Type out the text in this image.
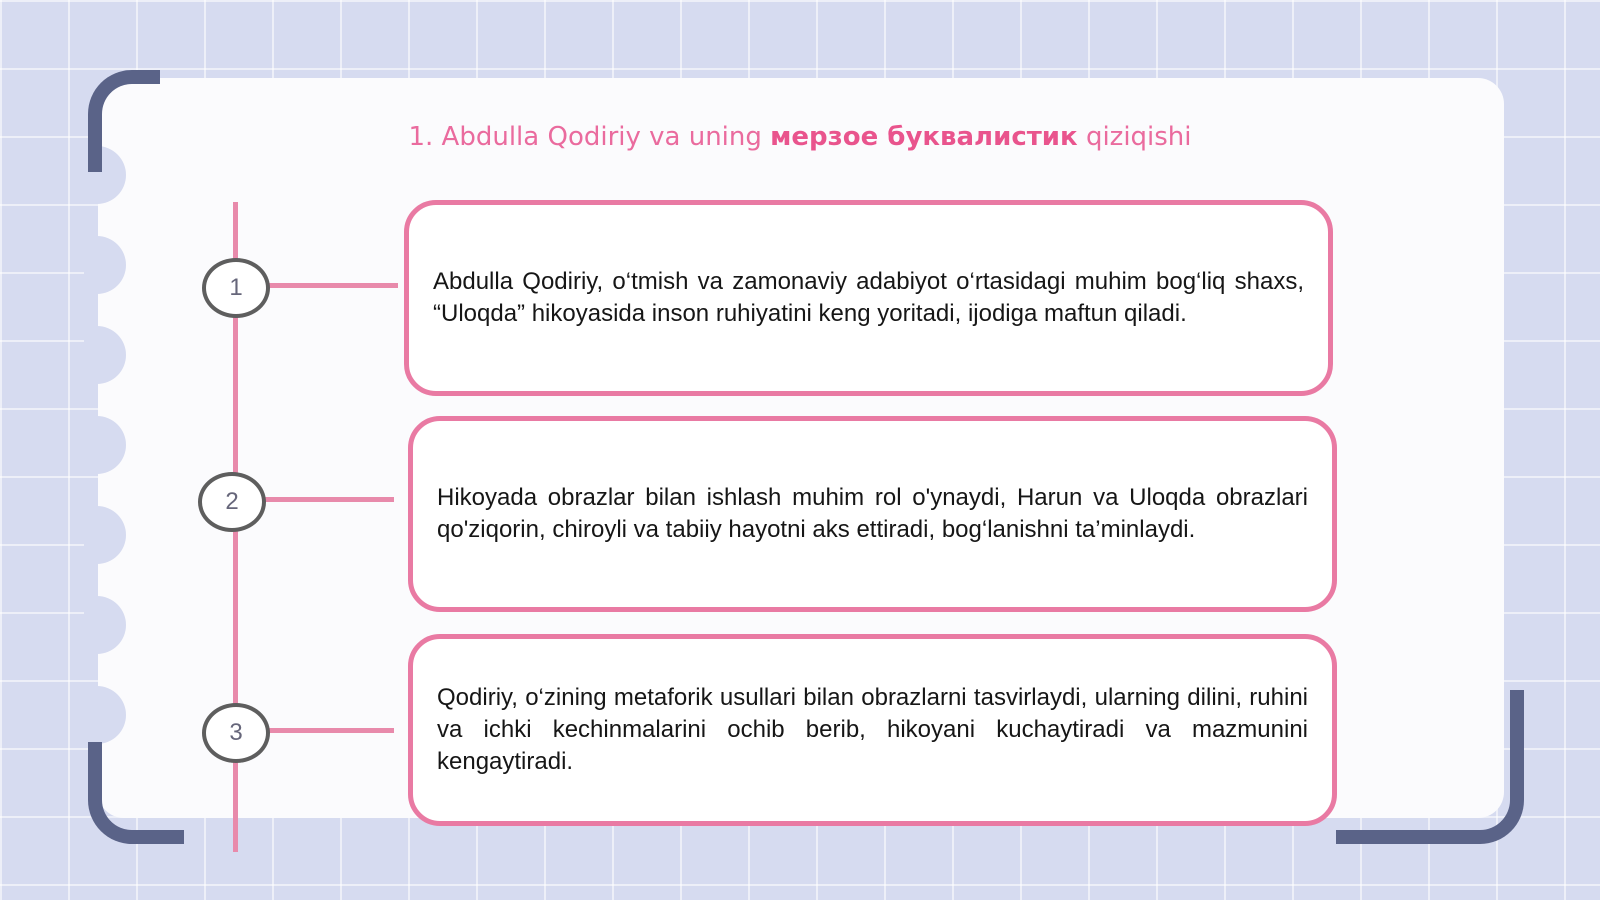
1. Abdulla Qodiriy va uning мерзое буквалистик qiziqishi
1	Abdulla Qodiriy, o‘tmish va zamonaviy adabiyot o‘rtasidagi muhim bog‘liq shaxs, “Uloqda” hikoyasida inson ruhiyatini keng yoritadi, ijodiga maftun qiladi.

2	Hikoyada obrazlar bilan ishlash muhim rol o'ynaydi, Harun va Uloqda obrazlari qo'ziqorin, chiroyli va tabiiy hayotni aks ettiradi, bog‘lanishni ta’minlaydi.

3

Qodiriy, o‘zining metaforik usullari bilan obrazlarni tasvirlaydi, ularning dilini, ruhini va ichki kechinmalarini ochib berib, hikoyani kuchaytiradi va mazmunini kengaytiradi.
